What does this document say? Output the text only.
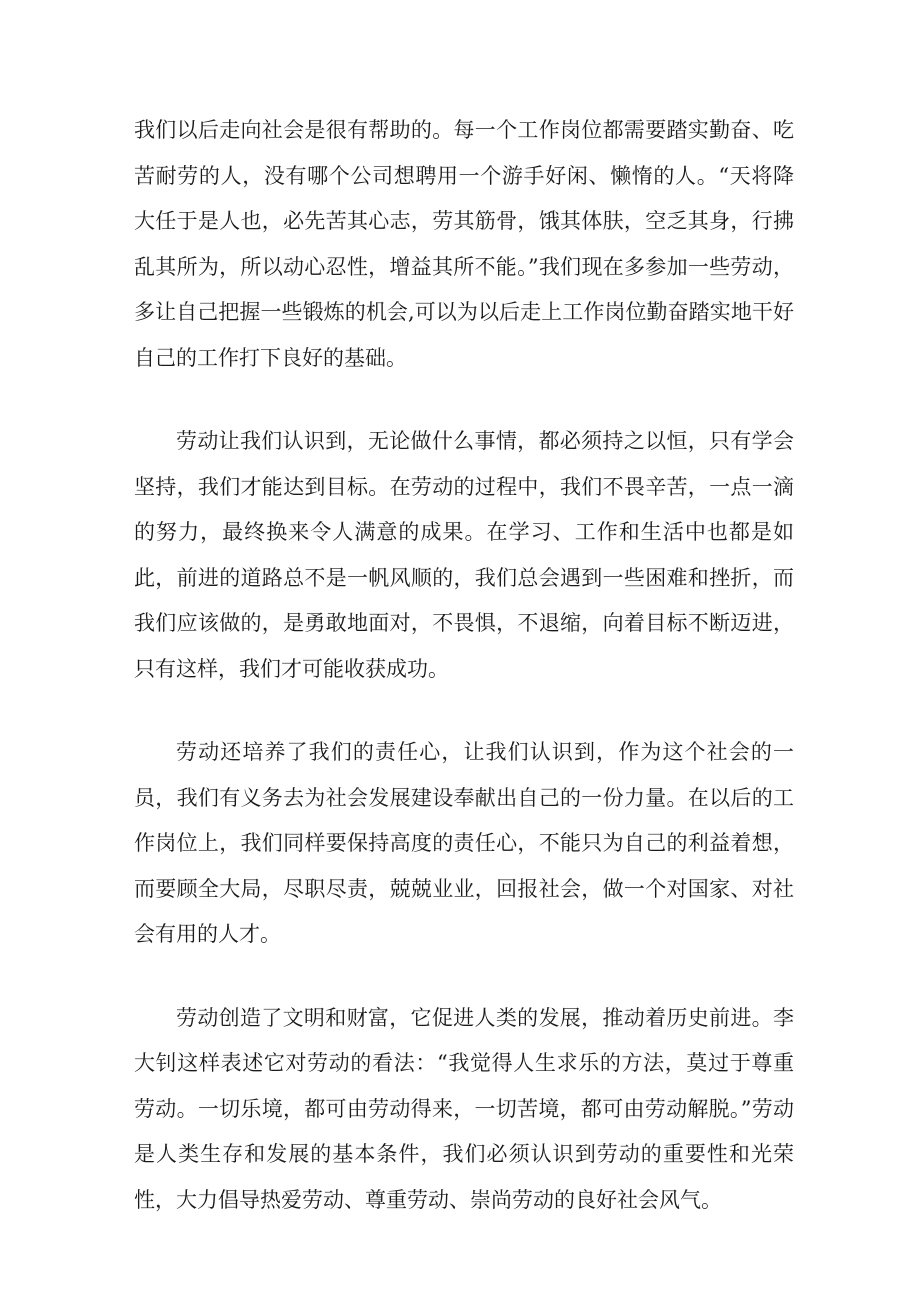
我们以后走向社会是很有帮助的。每一个工作岗位都需要踏实勤奋、吃苦耐劳的人，没有哪个公司想聘用一个游手好闲、懒惰的人。“天将降大任于是人也，必先苦其心志，劳其筋骨，饿其体肤，空乏其身，行拂乱其所为，所以动心忍性，增益其所不能。”我们现在多参加一些劳动，多让自己把握一些锻炼的机会,可以为以后走上工作岗位勤奋踏实地干好自己的工作打下良好的基础。

劳动让我们认识到，无论做什么事情，都必须持之以恒，只有学会坚持，我们才能达到目标。在劳动的过程中，我们不畏辛苦，一点一滴的努力，最终换来令人满意的成果。在学习、工作和生活中也都是如此，前进的道路总不是一帆风顺的，我们总会遇到一些困难和挫折，而我们应该做的，是勇敢地面对，不畏惧，不退缩，向着目标不断迈进，只有这样，我们才可能收获成功。

劳动还培养了我们的责任心，让我们认识到，作为这个社会的一员，我们有义务去为社会发展建设奉献出自己的一份力量。在以后的工作岗位上，我们同样要保持高度的责任心，不能只为自己的利益着想，而要顾全大局，尽职尽责，兢兢业业，回报社会，做一个对国家、对社会有用的人才。

劳动创造了文明和财富，它促进人类的发展，推动着历史前进。李大钊这样表述它对劳动的看法：“我觉得人生求乐的方法，莫过于尊重劳动。一切乐境，都可由劳动得来，一切苦境，都可由劳动解脱。”劳动是人类生存和发展的基本条件，我们必须认识到劳动的重要性和光荣性，大力倡导热爱劳动、尊重劳动、崇尚劳动的良好社会风气。
